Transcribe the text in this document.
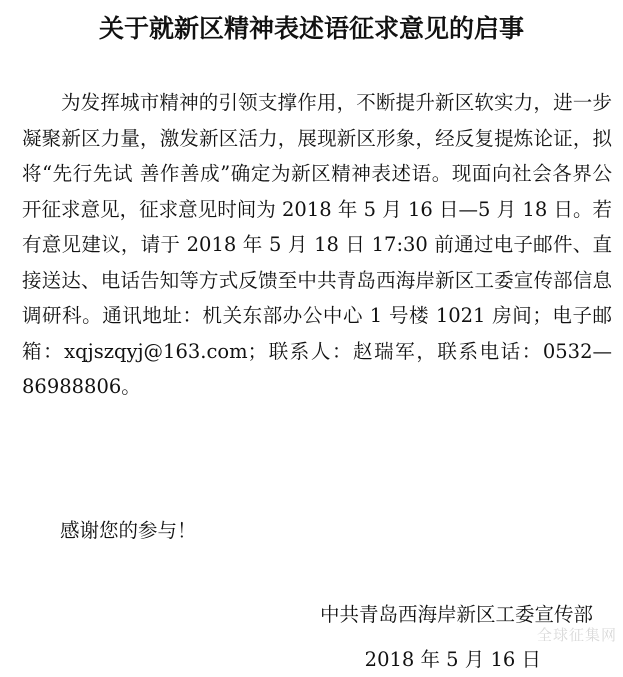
关于就新区精神表述语征求意见的启事

为发挥城市精神的引领支撑作用，不断提升新区软实力，进一步凝聚新区力量，激发新区活力，展现新区形象，经反复提炼论证，拟将“先行先试 善作善成”确定为新区精神表述语。现面向社会各界公开征求意见，征求意见时间为 2018 年 5 月 16 日—5 月 18 日。若有意见建议，请于 2018 年 5 月 18 日 17:30 前通过电子邮件、直接送达、电话告知等方式反馈至中共青岛西海岸新区工委宣传部信息调研科。通讯地址：机关东部办公中心 1 号楼 1021 房间；电子邮箱：xqjszqyj@163.com；联系人：赵瑞军，联系电话：0532—86988806。

感谢您的参与！
中共青岛西海岸新区工委宣传部
全球征集网
2018 年 5 月 16 日
